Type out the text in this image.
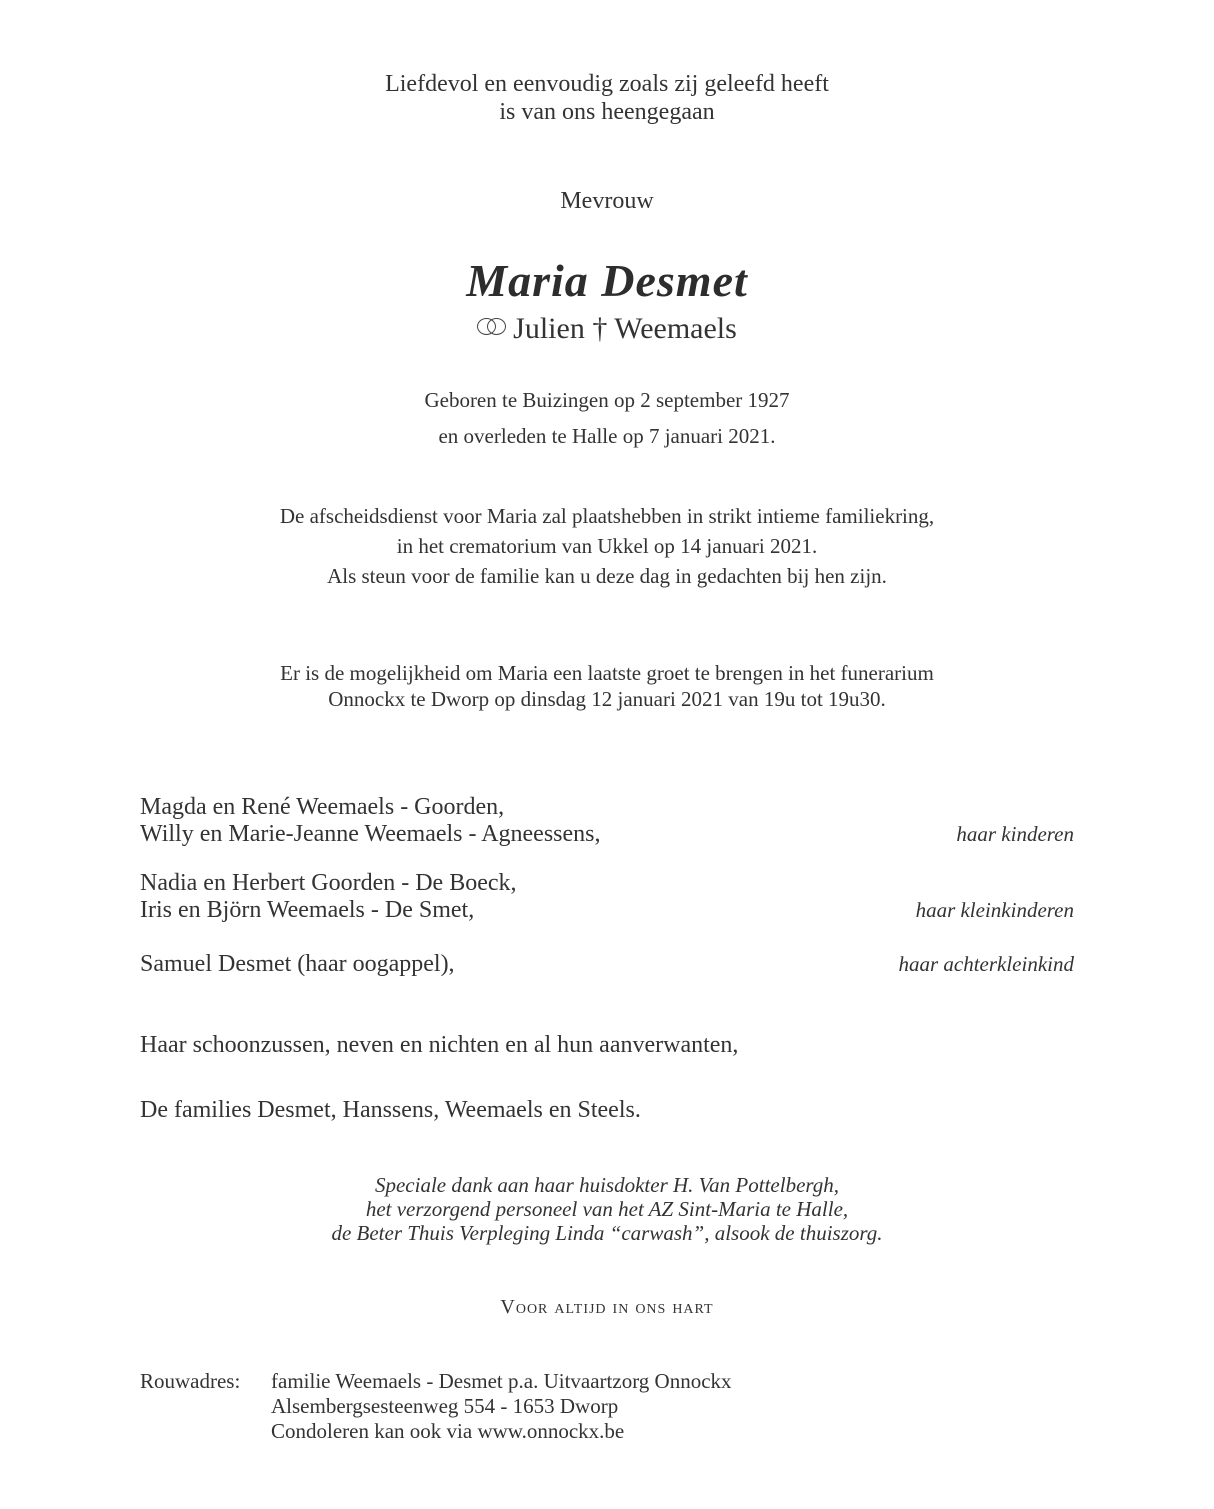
Liefdevol en eenvoudig zoals zij geleefd heeft
is van ons heengegaan
Mevrouw
Maria Desmet
Julien † Weemaels
Geboren te Buizingen op 2 september 1927
en overleden te Halle op 7 januari 2021.
De afscheidsdienst voor Maria zal plaatshebben in strikt intieme familiekring,
in het crematorium van Ukkel op 14 januari 2021.
Als steun voor de familie kan u deze dag in gedachten bij hen zijn.
Er is de mogelijkheid om Maria een laatste groet te brengen in het funerarium
Onnockx te Dworp op dinsdag 12 januari 2021 van 19u tot 19u30.
Magda en René Weemaels - Goorden,
Willy en Marie-Jeanne Weemaels - Agneessens,	haar kinderen
Nadia en Herbert Goorden - De Boeck,
Iris en Björn Weemaels - De Smet,	haar kleinkinderen
Samuel Desmet (haar oogappel),	haar achterkleinkind
Haar schoonzussen, neven en nichten en al hun aanverwanten,
De families Desmet, Hanssens, Weemaels en Steels.
Speciale dank aan haar huisdokter H. Van Pottelbergh,
het verzorgend personeel van het AZ Sint-Maria te Halle,
de Beter Thuis Verpleging Linda “carwash”, alsook de thuiszorg.
Voor altijd in ons hart
Rouwadres: familie Weemaels - Desmet p.a. Uitvaartzorg Onnockx
Alsembergsesteenweg 554 - 1653 Dworp
Condoleren kan ook via www.onnockx.be
